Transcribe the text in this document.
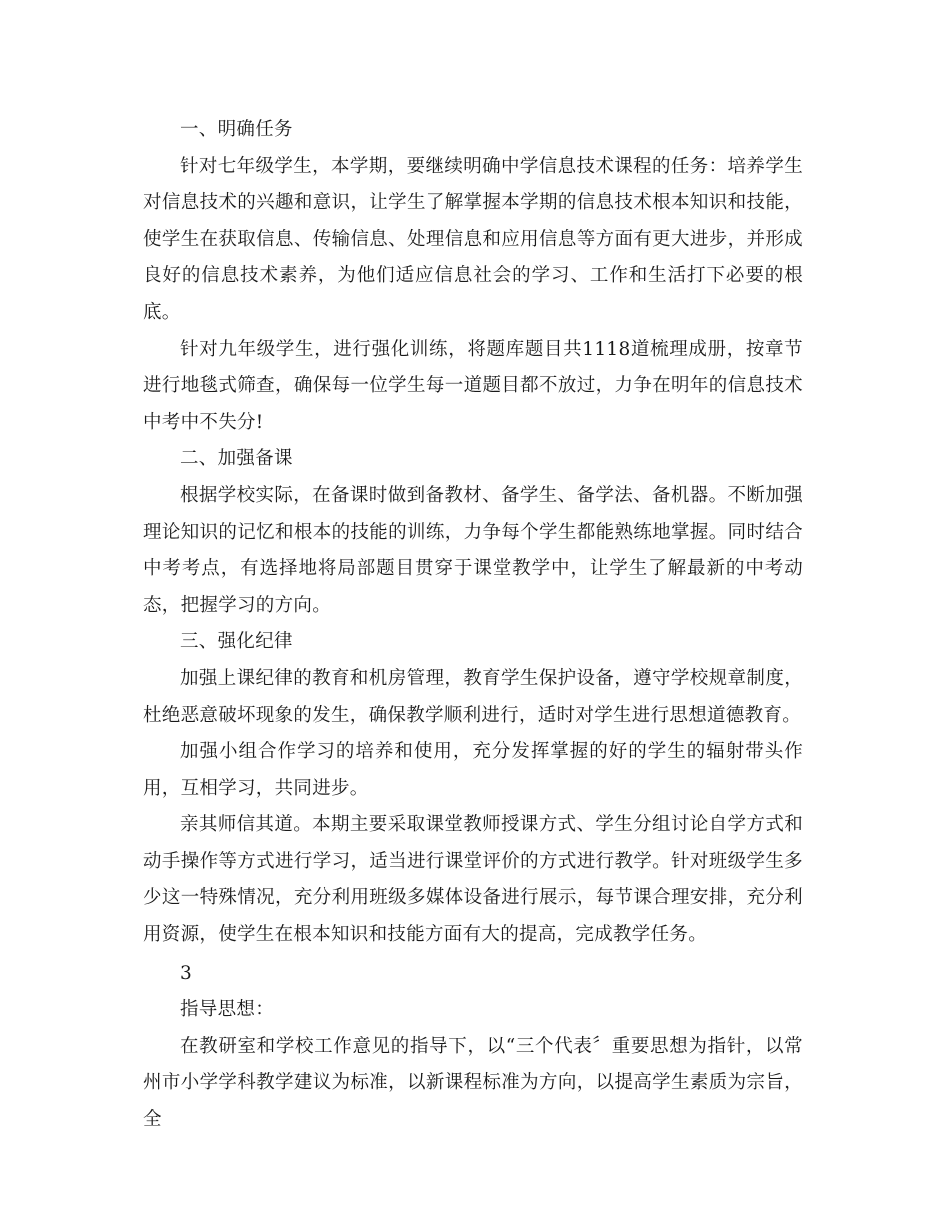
一、明确任务

针对七年级学生，本学期，要继续明确中学信息技术课程的任务：培养学生对信息技术的兴趣和意识，让学生了解掌握本学期的信息技术根本知识和技能，使学生在获取信息、传输信息、处理信息和应用信息等方面有更大进步，并形成良好的信息技术素养，为他们适应信息社会的学习、工作和生活打下必要的根底。

针对九年级学生，进行强化训练，将题库题目共1118道梳理成册，按章节进行地毯式筛查，确保每一位学生每一道题目都不放过，力争在明年的信息技术 中考中不失分!

二、加强备课

根据学校实际，在备课时做到备教材、备学生、备学法、备机器。不断加强理论知识的记忆和根本的技能的训练，力争每个学生都能熟练地掌握。同时结合中考考点，有选择地将局部题目贯穿于课堂教学中，让学生了解最新的中考动态，把握学习的方向。

三、强化纪律

加强上课纪律的教育和机房管理，教育学生保护设备，遵守学校规章制度，杜绝恶意破坏现象的发生，确保教学顺利进行，适时对学生进行思想道德教育。

加强小组合作学习的培养和使用，充分发挥掌握的好的学生的辐射带头作用，互相学习，共同进步。

亲其师信其道。本期主要采取课堂教师授课方式、学生分组讨论自学方式和动手操作等方式进行学习，适当进行课堂评价的方式进行教学。针对班级学生多少这一特殊情况，充分利用班级多媒体设备进行展示，每节课合理安排，充分利用资源，使学生在根本知识和技能方面有大的提高，完成教学任务。

3

指导思想：

在教研室和学校工作意见的指导下，以“三个代表〞重要思想为指针，以常州市小学学科教学建议为标准，以新课程标准为方向，以提高学生素质为宗旨，全
